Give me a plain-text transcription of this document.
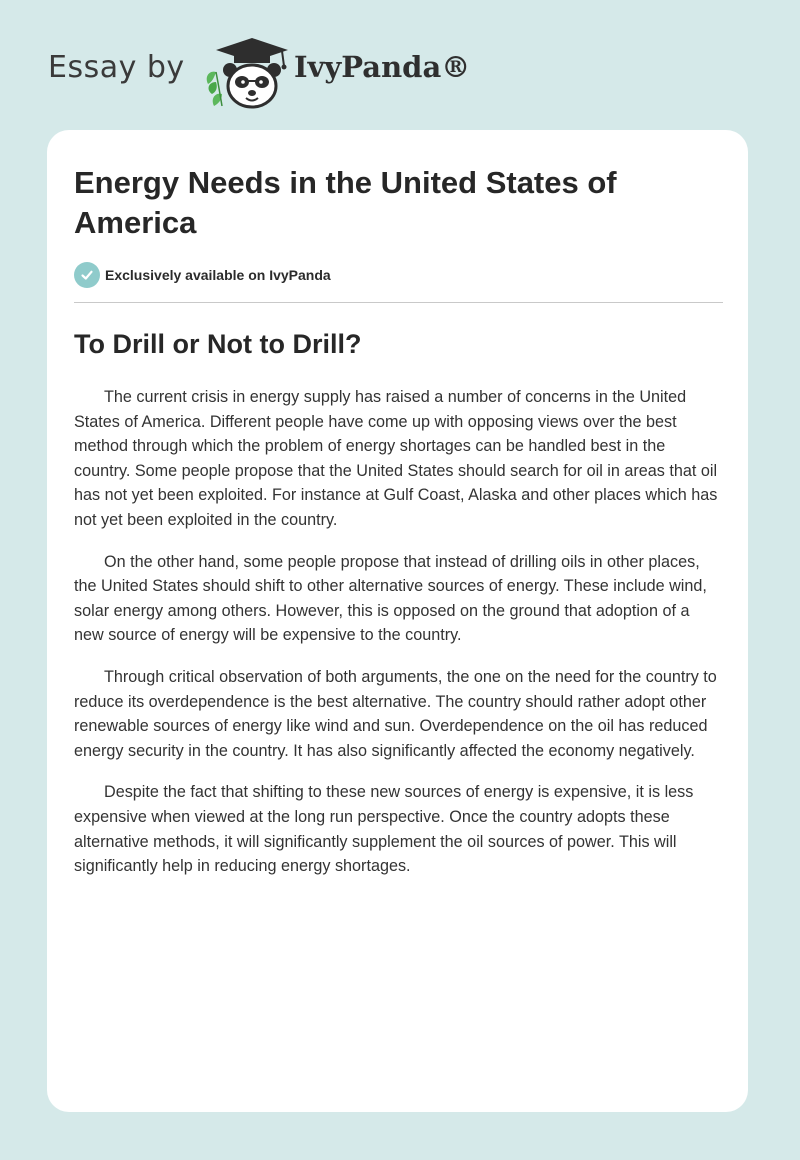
Essay by	IvyPanda®
Energy Needs in the United States of America
Exclusively available on IvyPanda
To Drill or Not to Drill?

The current crisis in energy supply has raised a number of concerns in the United States of America. Different people have come up with opposing views over the best method through which the problem of energy shortages can be handled best in the country. Some people propose that the United States should search for oil in areas that oil has not yet been exploited. For instance at Gulf Coast, Alaska and other places which has not yet been exploited in the country.

On the other hand, some people propose that instead of drilling oils in other places, the United States should shift to other alternative sources of energy. These include wind, solar energy among others. However, this is opposed on the ground that adoption of a new source of energy will be expensive to the country.

Through critical observation of both arguments, the one on the need for the country to reduce its overdependence is the best alternative. The country should rather adopt other renewable sources of energy like wind and sun. Overdependence on the oil has reduced energy security in the country. It has also significantly affected the economy negatively.

Despite the fact that shifting to these new sources of energy is expensive, it is less expensive when viewed at the long run perspective. Once the country adopts these alternative methods, it will significantly supplement the oil sources of power. This will significantly help in reducing energy shortages.
